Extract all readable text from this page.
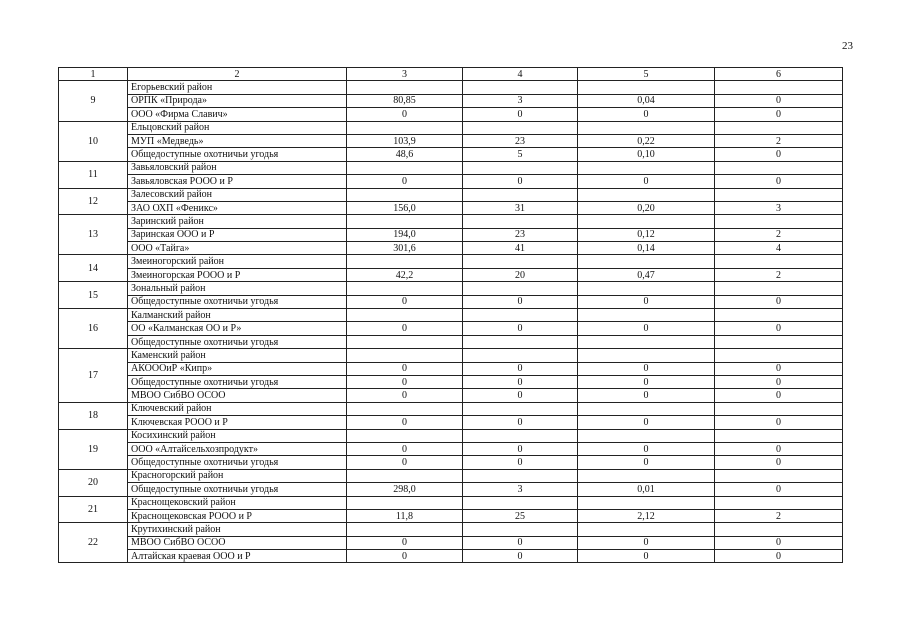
23
1	2	3	4	5	6
9	Егорьевский район				
	ОРПК «Природа»	80,85	3	0,04	0
	ООО «Фирма Славич»	0	0	0	0
10	Ельцовский район				
	МУП «Медведь»	103,9	23	0,22	2
	Общедоступные охотничьи угодья	48,6	5	0,10	0
11	Завьяловский район				
	Завьяловская РООО и Р	0	0	0	0
12	Залесовский район				
	ЗАО ОХП «Феникс»	156,0	31	0,20	3
13	Заринский район				
	Заринская ООО и Р	194,0	23	0,12	2
	ООО «Тайга»	301,6	41	0,14	4
14	Змеиногорский район				
	Змеиногорская РООО и Р	42,2	20	0,47	2
15	Зональный район				
	Общедоступные охотничьи угодья	0	0	0	0
16	Калманский район				
	ОО «Калманская ОО и Р»	0	0	0	0
	Общедоступные охотничьи угодья				
17	Каменский район				
	АКОООиР «Кипр»	0	0	0	0
	Общедоступные охотничьи угодья	0	0	0	0
	МВОО СибВО ОСОО	0	0	0	0
18	Ключевский район				
	Ключевская РООО и Р	0	0	0	0
19	Косихинский район				
	ООО «Алтайсельхозпродукт»	0	0	0	0
	Общедоступные охотничьи угодья	0	0	0	0
20	Красногорский район				
	Общедоступные охотничьи угодья	298,0	3	0,01	0
21	Краснощековский район				
	Краснощековская РООО и Р	11,8	25	2,12	2
22	Крутихинский район				
	МВОО СибВО ОСОО	0	0	0	0
	Алтайская краевая ООО и Р	0	0	0	0
